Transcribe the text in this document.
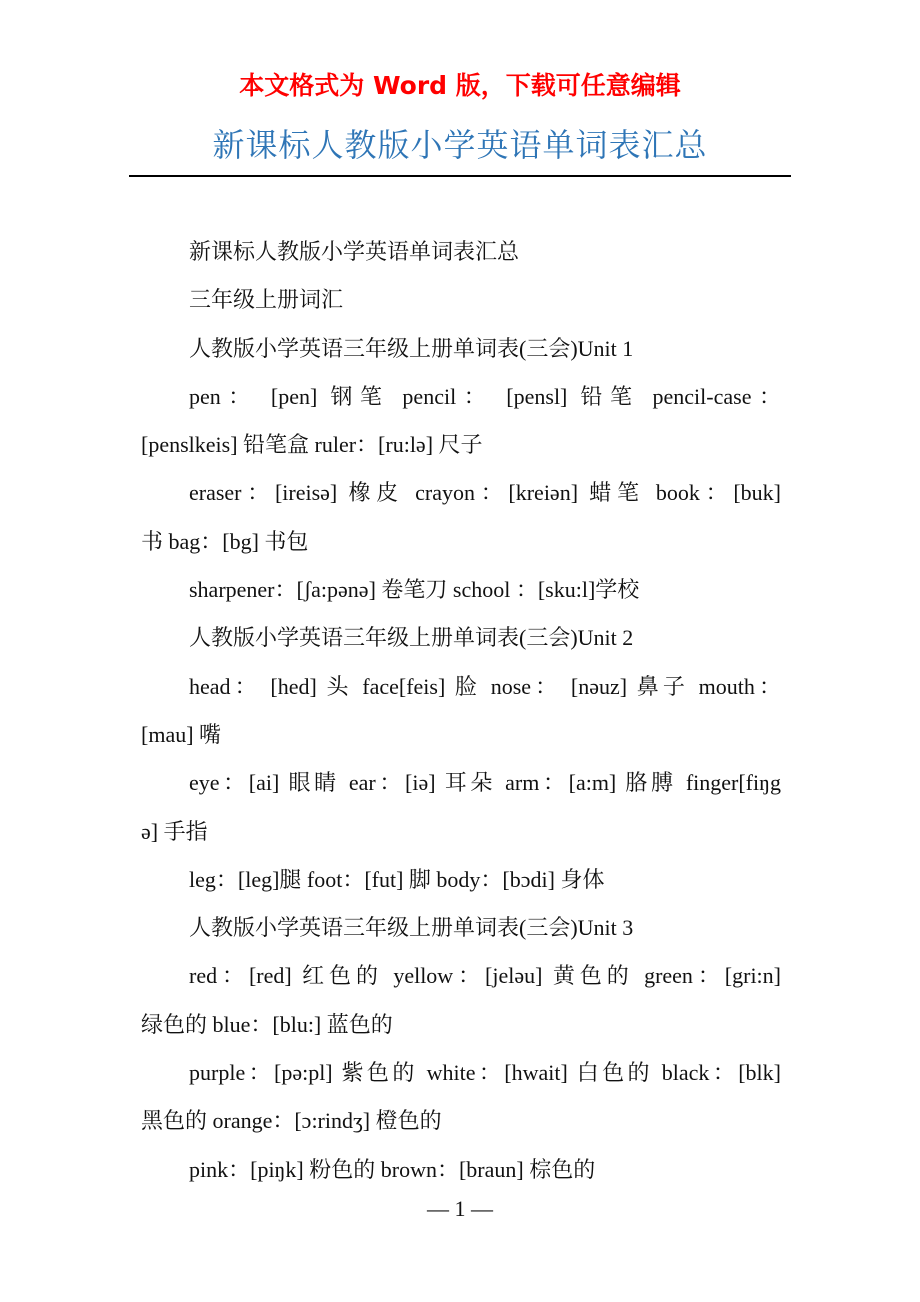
本文格式为 Word 版，下载可任意编辑
新课标人教版小学英语单词表汇总
新课标人教版小学英语单词表汇总
三年级上册词汇
人教版小学英语三年级上册单词表(三会)Unit 1
pen： [pen] 钢笔 pencil： [pensl] 铅笔 pencil-case：
[penslkeis] 铅笔盒 ruler：[ru:lə] 尺子
eraser：[ireisə] 橡皮 crayon：[kreiən] 蜡笔 book：[buk]
书 bag：[bg] 书包
sharpener：[ʃa:pənə] 卷笔刀 school ：[sku:l]学校
人教版小学英语三年级上册单词表(三会)Unit 2
head： [hed] 头 face[feis] 脸 nose： [nəuz] 鼻子 mouth：
[mau] 嘴
eye：[ai] 眼睛 ear：[iə] 耳朵 arm：[a:m] 胳膊 finger[fiŋg
ə] 手指
leg：[leg]腿 foot：[fut] 脚 body：[bɔdi] 身体
人教版小学英语三年级上册单词表(三会)Unit 3
red：[red] 红色的 yellow：[jeləu] 黄色的 green：[gri:n]
绿色的 blue：[blu:] 蓝色的
purple：[pə:pl] 紫色的 white：[hwait] 白色的 black：[blk]
黑色的 orange：[ɔ:rindʒ] 橙色的
pink：[piŋk] 粉色的 brown：[braun] 棕色的
— 1 —
